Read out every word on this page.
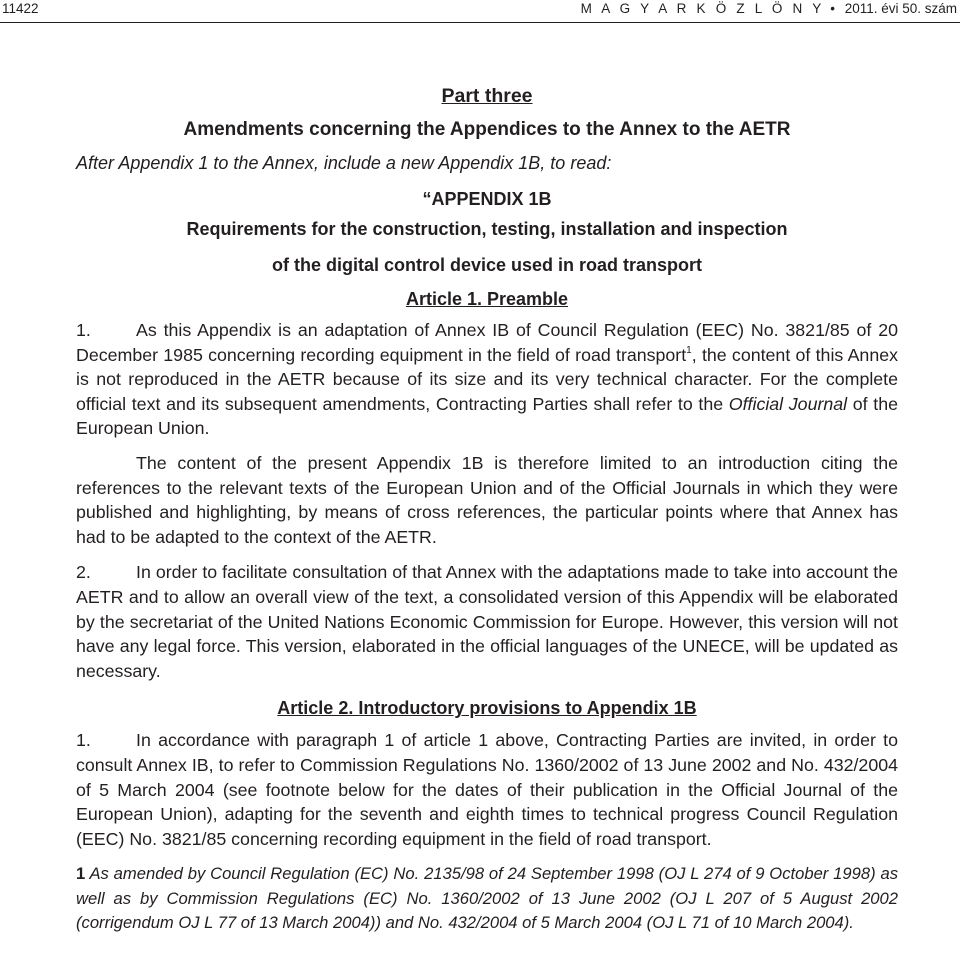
11422	M A G Y A R K Ö Z L Ö N Y • 2011. évi 50. szám
Part three
Amendments concerning the Appendices to the Annex to the AETR
After Appendix 1 to the Annex, include a new Appendix 1B, to read:
“APPENDIX 1B
Requirements for the construction, testing, installation and inspection
of the digital control device used in road transport
Article 1. Preamble

1.	As this Appendix is an adaptation of Annex IB of Council Regulation (EEC) No. 3821/85 of 20 December 1985 concerning recording equipment in the field of road transport$^1$, the content of this Annex is not reproduced in the AETR because of its size and its very technical character. For the complete official text and its subsequent amendments, Contracting Parties shall refer to the Official Journal of the European Union.

The content of the present Appendix 1B is therefore limited to an introduction citing the references to the relevant texts of the European Union and of the Official Journals in which they were published and highlighting, by means of cross references, the particular points where that Annex has had to be adapted to the context of the AETR.

2.	In order to facilitate consultation of that Annex with the adaptations made to take into account the AETR and to allow an overall view of the text, a consolidated version of this Appendix will be elaborated by the secretariat of the United Nations Economic Commission for Europe. However, this version will not have any legal force. This version, elaborated in the official languages of the UNECE, will be updated as necessary.

Article 2. Introductory provisions to Appendix 1B

1.	In accordance with paragraph 1 of article 1 above, Contracting Parties are invited, in order to consult Annex IB, to refer to Commission Regulations No. 1360/2002 of 13 June 2002 and No. 432/2004 of 5 March 2004 (see footnote below for the dates of their publication in the Official Journal of the European Union), adapting for the seventh and eighth times to technical progress Council Regulation (EEC) No. 3821/85 concerning recording equipment in the field of road transport.

1 As amended by Council Regulation (EC) No. 2135/98 of 24 September 1998 (OJ L 274 of 9 October 1998) as well as by Commission Regulations (EC) No. 1360/2002 of 13 June 2002 (OJ L 207 of 5 August 2002 (corrigendum OJ L 77 of 13 March 2004)) and No. 432/2004 of 5 March 2004 (OJ L 71 of 10 March 2004).
